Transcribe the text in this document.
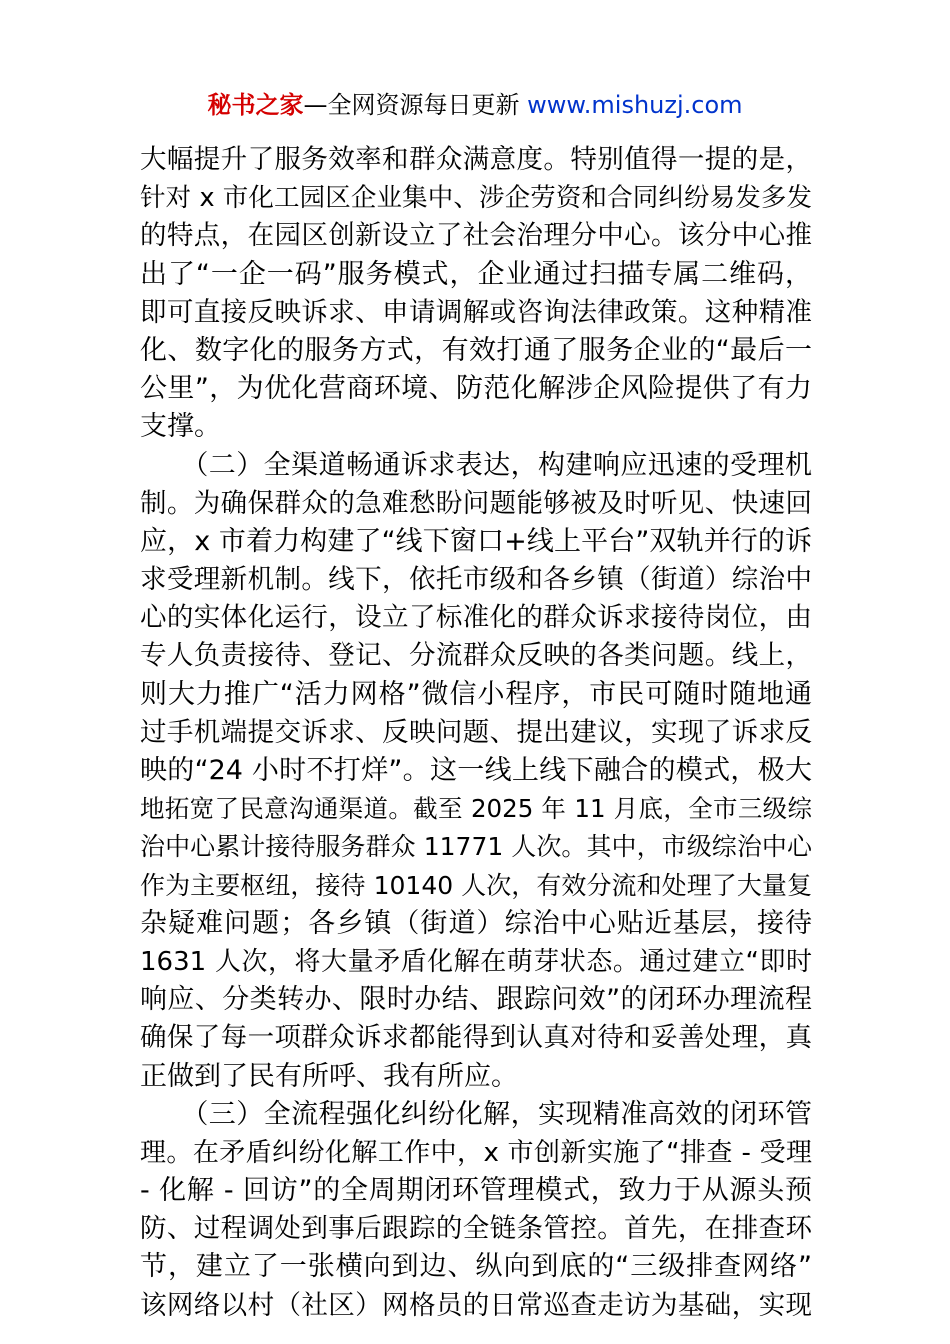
秘书之家—全网资源每日更新 www.mishuzj.com
大幅提升了服务效率和群众满意度。特别值得一提的是，
针对 x 市化工园区企业集中、涉企劳资和合同纠纷易发多发
的特点，在园区创新设立了社会治理分中心。该分中心推
出了“一企一码”服务模式，企业通过扫描专属二维码，
即可直接反映诉求、申请调解或咨询法律政策。这种精准
化、数字化的服务方式，有效打通了服务企业的“最后一
公里”，为优化营商环境、防范化解涉企风险提供了有力
支撑。
　　（二）全渠道畅通诉求表达，构建响应迅速的受理机
制。为确保群众的急难愁盼问题能够被及时听见、快速回
应，x 市着力构建了“线下窗口+线上平台”双轨并行的诉
求受理新机制。线下，依托市级和各乡镇（街道）综治中
心的实体化运行，设立了标准化的群众诉求接待岗位，由
专人负责接待、登记、分流群众反映的各类问题。线上，
则大力推广“活力网格”微信小程序，市民可随时随地通
过手机端提交诉求、反映问题、提出建议，实现了诉求反
映的“24 小时不打烊”。这一线上线下融合的模式，极大
地拓宽了民意沟通渠道。截至 2025 年 11 月底，全市三级综
治中心累计接待服务群众 11771 人次。其中，市级综治中心
作为主要枢纽，接待 10140 人次，有效分流和处理了大量复
杂疑难问题；各乡镇（街道）综治中心贴近基层，接待
1631 人次，将大量矛盾化解在萌芽状态。通过建立“即时
响应、分类转办、限时办结、跟踪问效”的闭环办理流程
确保了每一项群众诉求都能得到认真对待和妥善处理，真
正做到了民有所呼、我有所应。
　　（三）全流程强化纠纷化解，实现精准高效的闭环管
理。在矛盾纠纷化解工作中，x 市创新实施了“排查 - 受理
- 化解 - 回访”的全周期闭环管理模式，致力于从源头预
防、过程调处到事后跟踪的全链条管控。首先，在排查环
节，建立了一张横向到边、纵向到底的“三级排查网络”
该网络以村（社区）网格员的日常巡查走访为基础，实现
